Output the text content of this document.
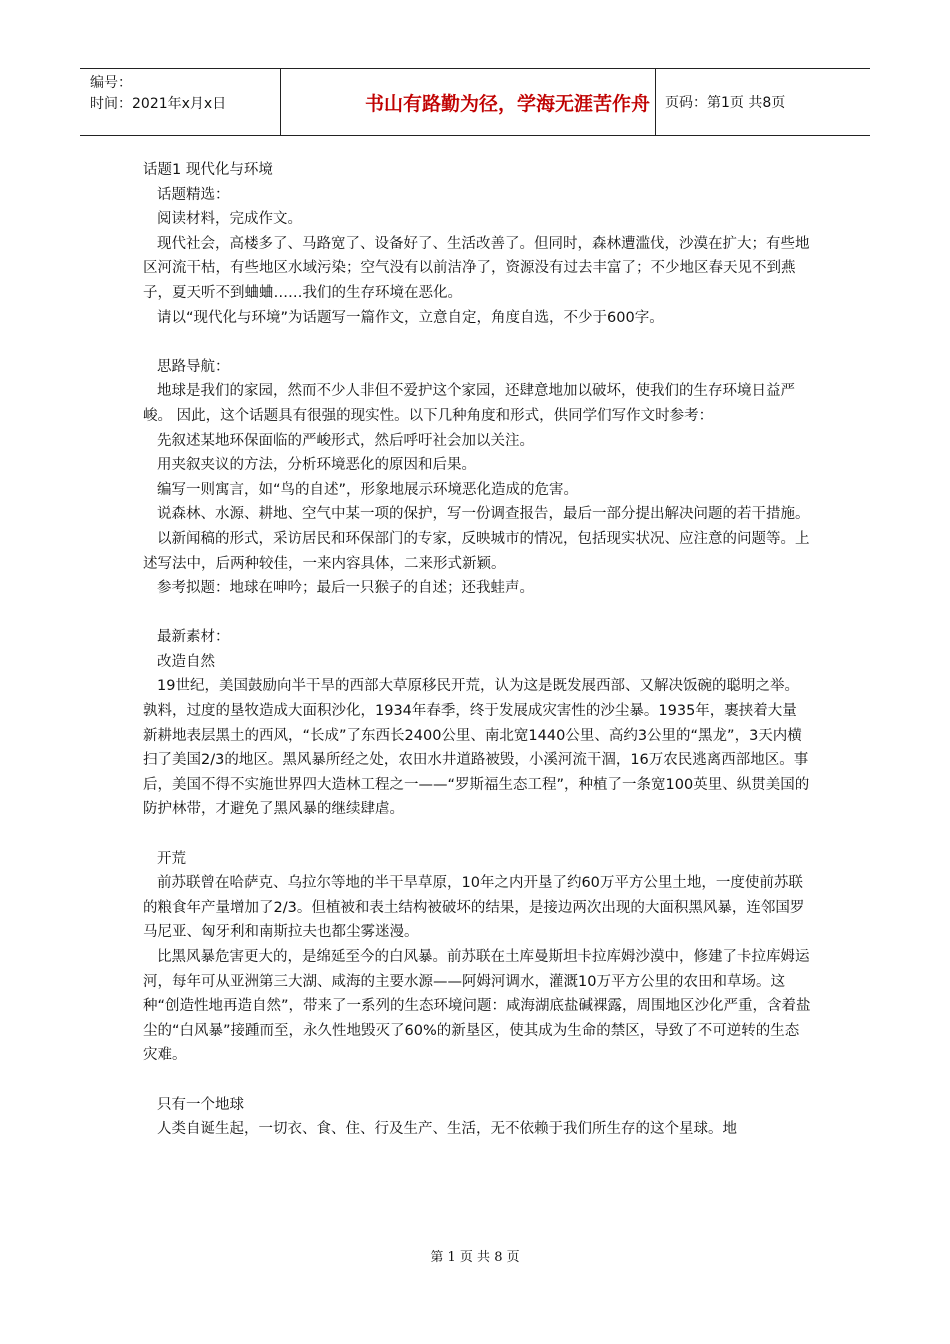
编号：
时间：2021年x月x日	书山有路勤为径，学海无涯苦作舟	页码：第1页 共8页

话题1 现代化与环境

话题精选：

阅读材料，完成作文。

现代社会，高楼多了、马路宽了、设备好了、生活改善了。但同时，森林遭滥伐，沙漠在扩大；有些地区河流干枯，有些地区水域污染；空气没有以前洁净了，资源没有过去丰富了；不少地区春天见不到燕子，夏天听不到蛐蛐……我们的生存环境在恶化。

请以“现代化与环境”为话题写一篇作文，立意自定，角度自选，不少于600字。

思路导航：

地球是我们的家园，然而不少人非但不爱护这个家园，还肆意地加以破坏，使我们的生存环境日益严峻。 因此，这个话题具有很强的现实性。以下几种角度和形式，供同学们写作文时参考：

先叙述某地环保面临的严峻形式，然后呼吁社会加以关注。

用夹叙夹议的方法，分析环境恶化的原因和后果。

编写一则寓言，如“鸟的自述”，形象地展示环境恶化造成的危害。

说森林、水源、耕地、空气中某一项的保护，写一份调查报告，最后一部分提出解决问题的若干措施。

以新闻稿的形式，采访居民和环保部门的专家，反映城市的情况，包括现实状况、应注意的问题等。上述写法中，后两种较佳，一来内容具体，二来形式新颖。

参考拟题：地球在呻吟；最后一只猴子的自述；还我蛙声。

最新素材：

改造自然

19世纪，美国鼓励向半干旱的西部大草原移民开荒，认为这是既发展西部、又解决饭碗的聪明之举。孰料，过度的垦牧造成大面积沙化，1934年春季，终于发展成灾害性的沙尘暴。1935年，裹挟着大量新耕地表层黑土的西风，“长成”了东西长2400公里、南北宽1440公里、高约3公里的“黑龙”，3天内横扫了美国2/3的地区。黑风暴所经之处，农田水井道路被毁，小溪河流干涸，16万农民逃离西部地区。事后，美国不得不实施世界四大造林工程之一——“罗斯福生态工程”，种植了一条宽100英里、纵贯美国的防护林带，才避免了黑风暴的继续肆虐。

开荒

前苏联曾在哈萨克、乌拉尔等地的半干旱草原，10年之内开垦了约60万平方公里土地，一度使前苏联的粮食年产量增加了2/3。但植被和表土结构被破坏的结果，是接边两次出现的大面积黑风暴，连邻国罗马尼亚、匈牙利和南斯拉夫也都尘雾迷漫。

比黑风暴危害更大的，是绵延至今的白风暴。前苏联在土库曼斯坦卡拉库姆沙漠中，修建了卡拉库姆运河，每年可从亚洲第三大湖、咸海的主要水源——阿姆河调水，灌溉10万平方公里的农田和草场。这种“创造性地再造自然”，带来了一系列的生态环境问题：咸海湖底盐碱裸露，周围地区沙化严重，含着盐尘的“白风暴”接踵而至，永久性地毁灭了60%的新垦区，使其成为生命的禁区，导致了不可逆转的生态灾难。

只有一个地球

人类自诞生起，一切衣、食、住、行及生产、生活，无不依赖于我们所生存的这个星球。地

第 1 页 共 8 页
